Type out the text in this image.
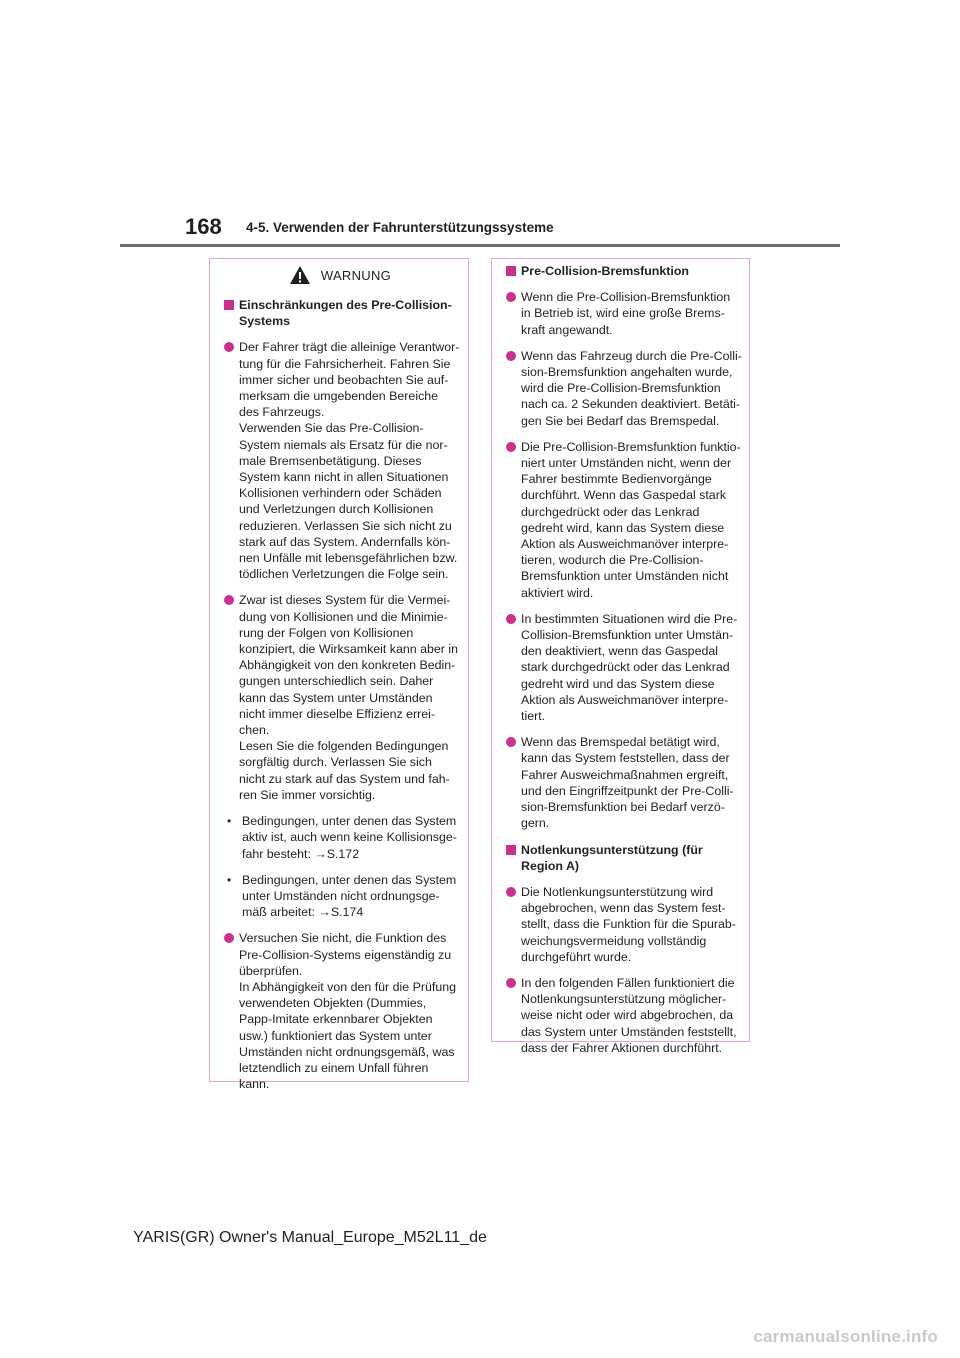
168 4-5. Verwenden der Fahrunterstützungssysteme
WARNUNG
Einschränkungen des Pre-Collision-
Systems
Der Fahrer trägt die alleinige Verantwor-
tung für die Fahrsicherheit. Fahren Sie
immer sicher und beobachten Sie auf-
merksam die umgebenden Bereiche
des Fahrzeugs.
Verwenden Sie das Pre-Collision-
System niemals als Ersatz für die nor-
male Bremsenbetätigung. Dieses
System kann nicht in allen Situationen
Kollisionen verhindern oder Schäden
und Verletzungen durch Kollisionen
reduzieren. Verlassen Sie sich nicht zu
stark auf das System. Andernfalls kön-
nen Unfälle mit lebensgefährlichen bzw.
tödlichen Verletzungen die Folge sein.
Zwar ist dieses System für die Vermei-
dung von Kollisionen und die Minimie-
rung der Folgen von Kollisionen
konzipiert, die Wirksamkeit kann aber in
Abhängigkeit von den konkreten Bedin-
gungen unterschiedlich sein. Daher
kann das System unter Umständen
nicht immer dieselbe Effizienz errei-
chen.
Lesen Sie die folgenden Bedingungen
sorgfältig durch. Verlassen Sie sich
nicht zu stark auf das System und fah-
ren Sie immer vorsichtig.
• Bedingungen, unter denen das System
aktiv ist, auch wenn keine Kollisionsge-
fahr besteht: →S.172
• Bedingungen, unter denen das System
unter Umständen nicht ordnungsge-
mäß arbeitet: →S.174
Versuchen Sie nicht, die Funktion des
Pre-Collision-Systems eigenständig zu
überprüfen.
In Abhängigkeit von den für die Prüfung
verwendeten Objekten (Dummies,
Papp-Imitate erkennbarer Objekten
usw.) funktioniert das System unter
Umständen nicht ordnungsgemäß, was
letztendlich zu einem Unfall führen
kann.
Pre-Collision-Bremsfunktion
Wenn die Pre-Collision-Bremsfunktion
in Betrieb ist, wird eine große Brems-
kraft angewandt.
Wenn das Fahrzeug durch die Pre-Colli-
sion-Bremsfunktion angehalten wurde,
wird die Pre-Collision-Bremsfunktion
nach ca. 2 Sekunden deaktiviert. Betäti-
gen Sie bei Bedarf das Bremspedal.
Die Pre-Collision-Bremsfunktion funktio-
niert unter Umständen nicht, wenn der
Fahrer bestimmte Bedienvorgänge
durchführt. Wenn das Gaspedal stark
durchgedrückt oder das Lenkrad
gedreht wird, kann das System diese
Aktion als Ausweichmanöver interpre-
tieren, wodurch die Pre-Collision-
Bremsfunktion unter Umständen nicht
aktiviert wird.
In bestimmten Situationen wird die Pre-
Collision-Bremsfunktion unter Umstän-
den deaktiviert, wenn das Gaspedal
stark durchgedrückt oder das Lenkrad
gedreht wird und das System diese
Aktion als Ausweichmanöver interpre-
tiert.
Wenn das Bremspedal betätigt wird,
kann das System feststellen, dass der
Fahrer Ausweichmaßnahmen ergreift,
und den Eingriffzeitpunkt der Pre-Colli-
sion-Bremsfunktion bei Bedarf verzö-
gern.
Notlenkungsunterstützung (für
Region A)
Die Notlenkungsunterstützung wird
abgebrochen, wenn das System fest-
stellt, dass die Funktion für die Spurab-
weichungsvermeidung vollständig
durchgeführt wurde.
In den folgenden Fällen funktioniert die
Notlenkungsunterstützung möglicher-
weise nicht oder wird abgebrochen, da
das System unter Umständen feststellt,
dass der Fahrer Aktionen durchführt.
YARIS(GR) Owner's Manual_Europe_M52L11_de
carmanualsonline.info
